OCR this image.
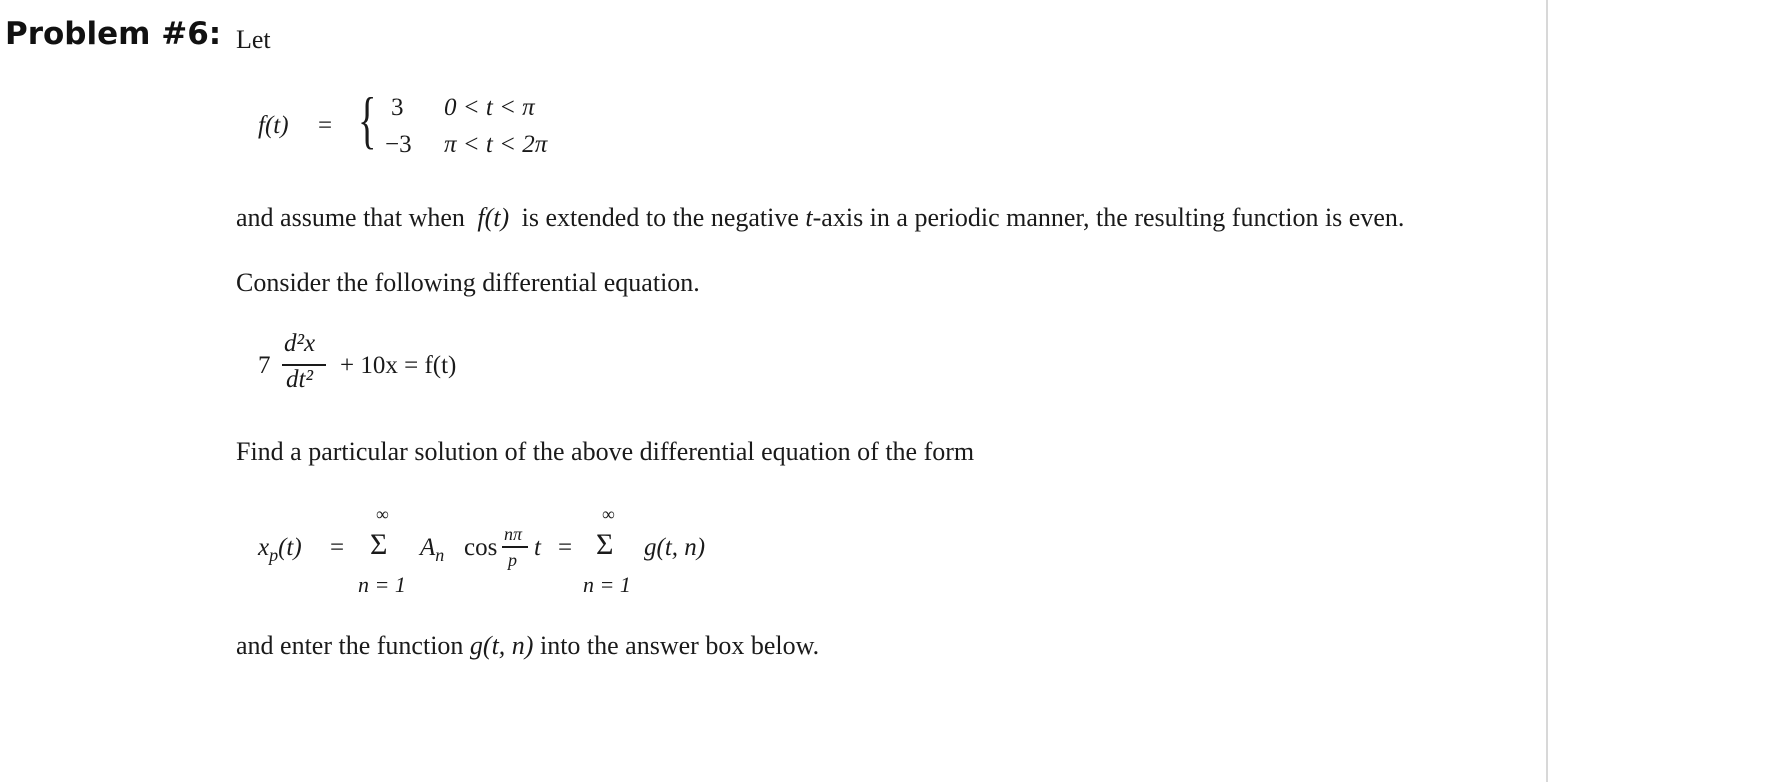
Problem #6: Let
f(t) = { 3 0 < t < π
−3 π < t < 2π
and assume that when f(t) is extended to the negative t-axis in a periodic manner, the resulting function is even.
Consider the following differential equation.
7
d²x
dt²
+ 10x = f(t)
Find a particular solution of the above differential equation of the form
$x_p(t)$ =
∞
Σ
n = 1
$A_n$ cos nπ
p t =
∞
Σ
n = 1
g(t, n)
and enter the function g(t, n) into the answer box below.
